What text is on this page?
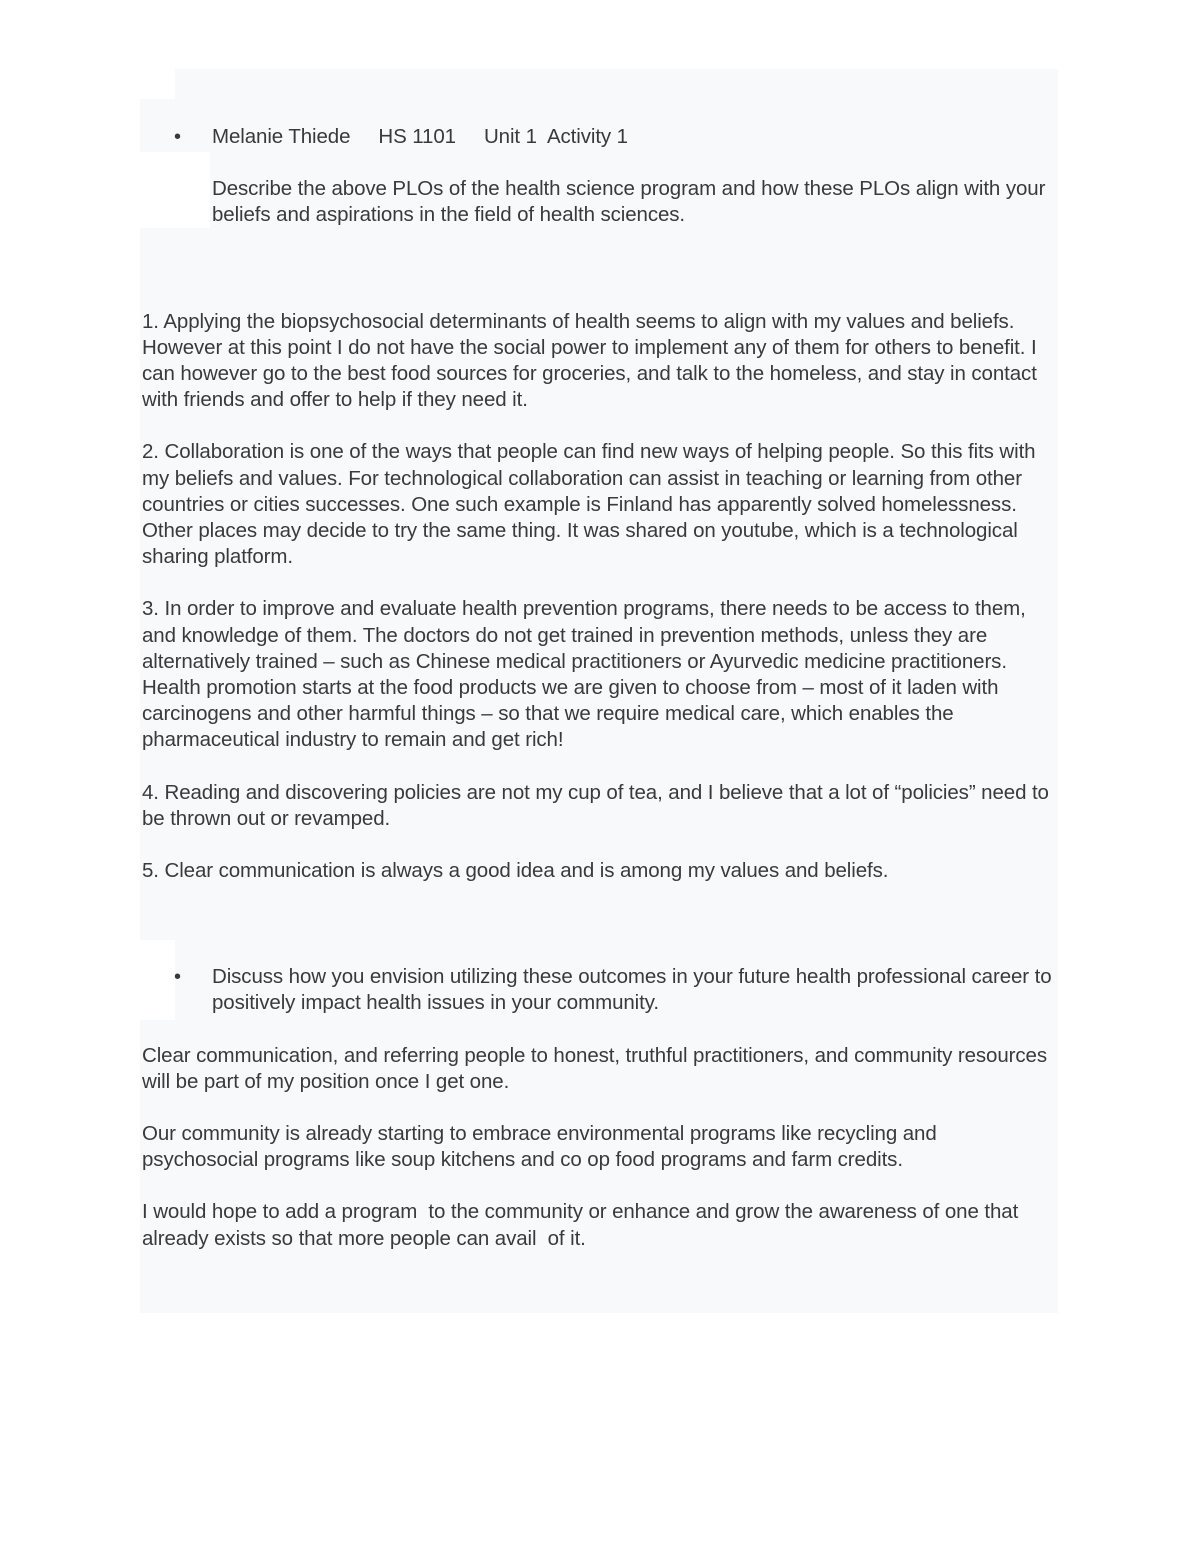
• Melanie Thiede HS 1101 Unit 1 Activity 1

Describe the above PLOs of the health science program and how these PLOs align with your beliefs and aspirations in the field of health sciences.

1. Applying the biopsychosocial determinants of health seems to align with my values and beliefs. However at this point I do not have the social power to implement any of them for others to benefit. I can however go to the best food sources for groceries, and talk to the homeless, and stay in contact with friends and offer to help if they need it.

2. Collaboration is one of the ways that people can find new ways of helping people. So this fits with my beliefs and values. For technological collaboration can assist in teaching or learning from other countries or cities successes. One such example is Finland has apparently solved homelessness. Other places may decide to try the same thing. It was shared on youtube, which is a technological sharing platform.

3. In order to improve and evaluate health prevention programs, there needs to be access to them, and knowledge of them. The doctors do not get trained in prevention methods, unless they are alternatively trained – such as Chinese medical practitioners or Ayurvedic medicine practitioners. Health promotion starts at the food products we are given to choose from – most of it laden with carcinogens and other harmful things – so that we require medical care, which enables the pharmaceutical industry to remain and get rich!

4. Reading and discovering policies are not my cup of tea, and I believe that a lot of “policies” need to be thrown out or revamped.

5. Clear communication is always a good idea and is among my values and beliefs.

• Discuss how you envision utilizing these outcomes in your future health professional career to positively impact health issues in your community.

Clear communication, and referring people to honest, truthful practitioners, and community resources will be part of my position once I get one.

Our community is already starting to embrace environmental programs like recycling and psychosocial programs like soup kitchens and co op food programs and farm credits.

I would hope to add a program  to the community or enhance and grow the awareness of one that already exists so that more people can avail  of it.
